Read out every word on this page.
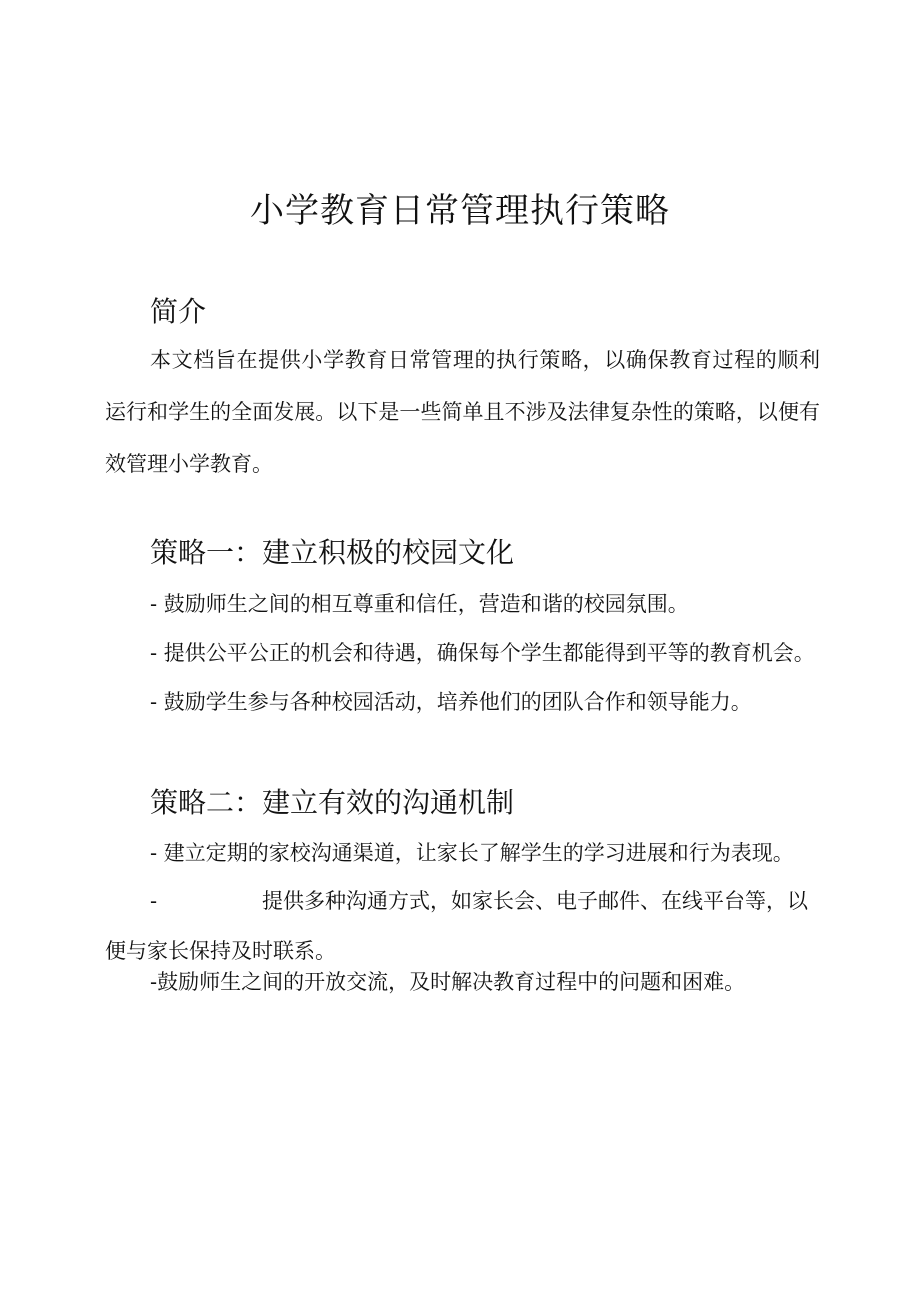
小学教育日常管理执行策略
简介

本文档旨在提供小学教育日常管理的执行策略，以确保教育过程的顺利运行和学生的全面发展。以下是一些简单且不涉及法律复杂性的策略，以便有效管理小学教育。

策略一：建立积极的校园文化

- 鼓励师生之间的相互尊重和信任，营造和谐的校园氛围。

- 提供公平公正的机会和待遇，确保每个学生都能得到平等的教育机会。

- 鼓励学生参与各种校园活动，培养他们的团队合作和领导能力。

策略二：建立有效的沟通机制

- 建立定期的家校沟通渠道，让家长了解学生的学习进展和行为表现。

-	提供多种沟通方式，如家长会、电子邮件、在线平台等，以便与家长保持及时联系。

-鼓励师生之间的开放交流，及时解决教育过程中的问题和困难。
